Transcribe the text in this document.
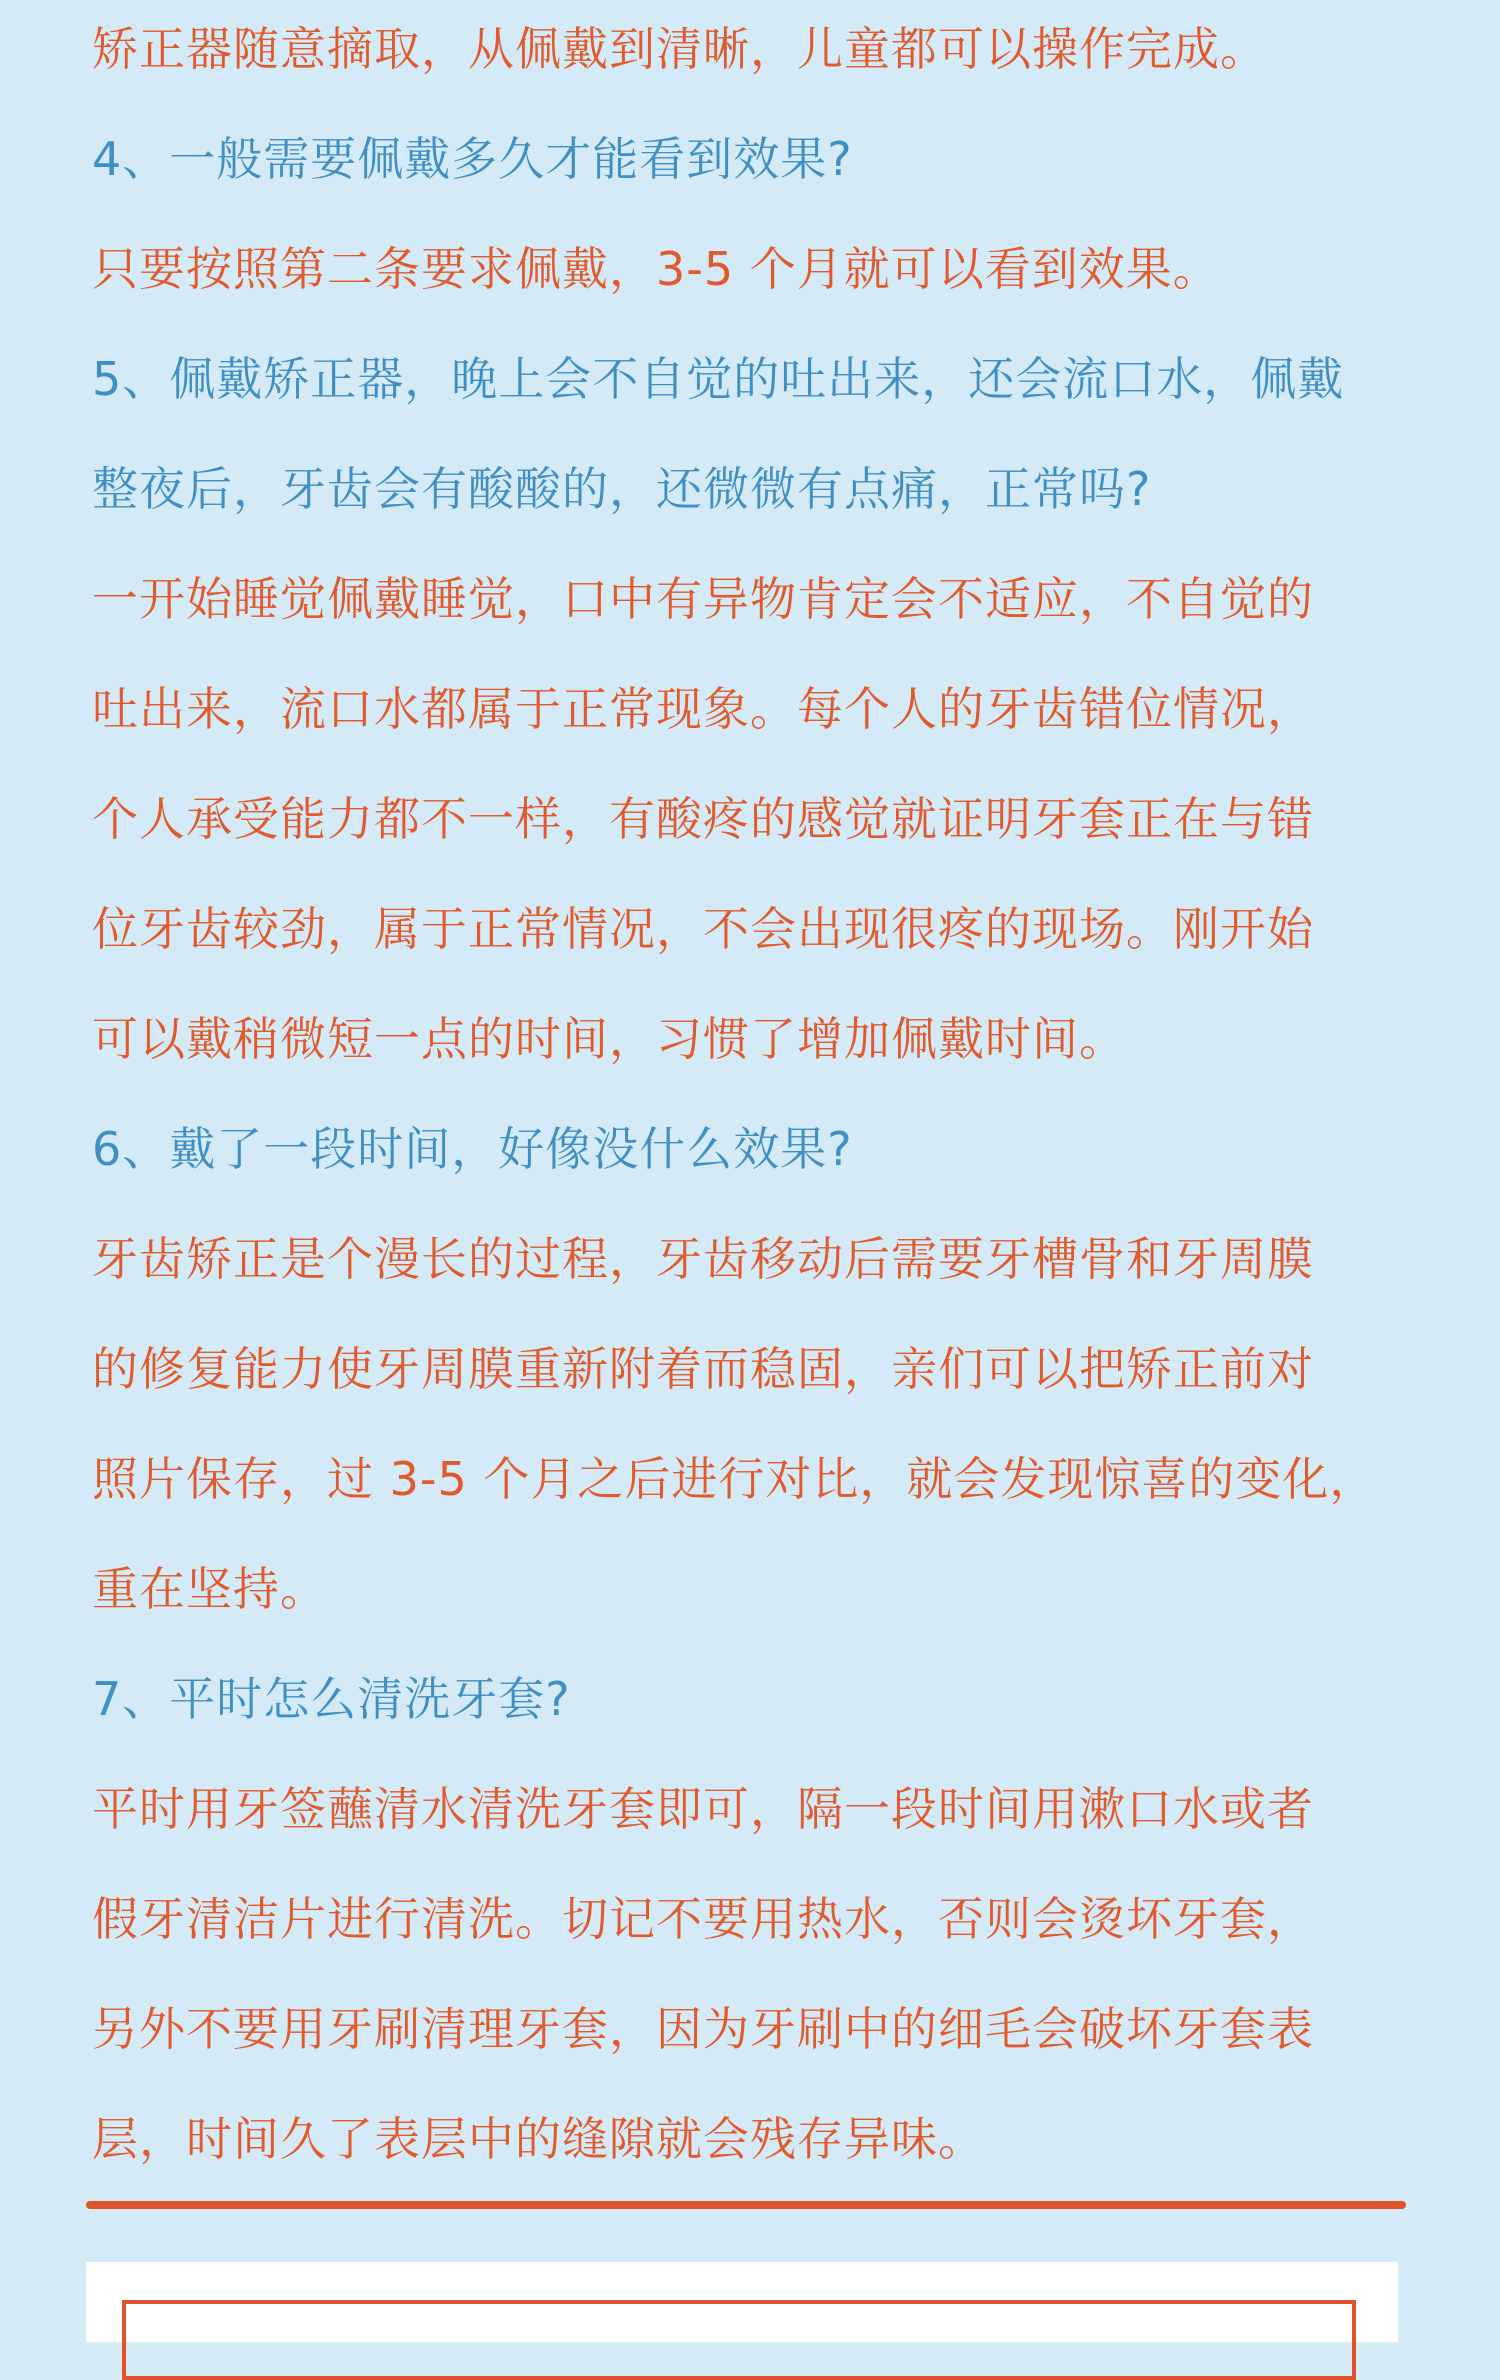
矫正器随意摘取，从佩戴到清晰，儿童都可以操作完成。
4、一般需要佩戴多久才能看到效果?
只要按照第二条要求佩戴，3-5 个月就可以看到效果。
5、佩戴矫正器，晚上会不自觉的吐出来，还会流口水，佩戴
整夜后，牙齿会有酸酸的，还微微有点痛，正常吗?
一开始睡觉佩戴睡觉，口中有异物肯定会不适应，不自觉的
吐出来，流口水都属于正常现象。每个人的牙齿错位情况，
个人承受能力都不一样，有酸疼的感觉就证明牙套正在与错
位牙齿较劲，属于正常情况，不会出现很疼的现场。刚开始
可以戴稍微短一点的时间，习惯了增加佩戴时间。
6、戴了一段时间，好像没什么效果?
牙齿矫正是个漫长的过程，牙齿移动后需要牙槽骨和牙周膜
的修复能力使牙周膜重新附着而稳固，亲们可以把矫正前对
照片保存，过 3-5 个月之后进行对比，就会发现惊喜的变化，
重在坚持。
7、平时怎么清洗牙套?
平时用牙签蘸清水清洗牙套即可，隔一段时间用漱口水或者
假牙清洁片进行清洗。切记不要用热水，否则会烫坏牙套，
另外不要用牙刷清理牙套，因为牙刷中的细毛会破坏牙套表
层，时间久了表层中的缝隙就会残存异味。
